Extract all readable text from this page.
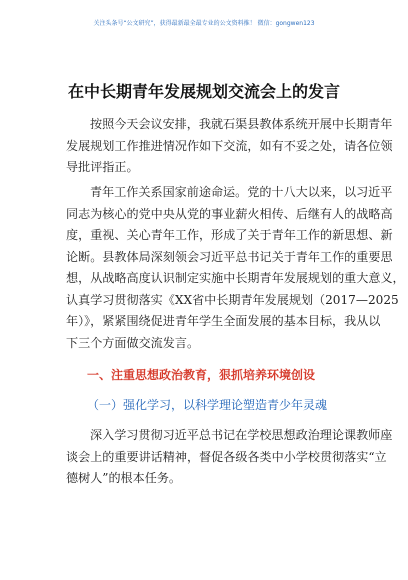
关注头条号“公文研究”，获得最新最全最专业的公文资料推！ 微信：gongwen123
在中长期青年发展规划交流会上的发言

按照今天会议安排，我就石渠县教体系统开展中长期青年
发展规划工作推进情况作如下交流，如有不妥之处，请各位领
导批评指正。

青年工作关系国家前途命运。党的十八大以来，以习近平
同志为核心的党中央从党的事业薪火相传、后继有人的战略高
度，重视、关心青年工作，形成了关于青年工作的新思想、新
论断。县教体局深刻领会习近平总书记关于青年工作的重要思
想，从战略高度认识制定实施中长期青年发展规划的重大意义，
认真学习贯彻落实《XX省中长期青年发展规划（2017—2025
年）》，紧紧围绕促进青年学生全面发展的基本目标，我从以
下三个方面做交流发言。

一、注重思想政治教育，狠抓培养环境创设
（一）强化学习，以科学理论塑造青少年灵魂

深入学习贯彻习近平总书记在学校思想政治理论课教师座
谈会上的重要讲话精神，督促各级各类中小学校贯彻落实“立
德树人”的根本任务。
